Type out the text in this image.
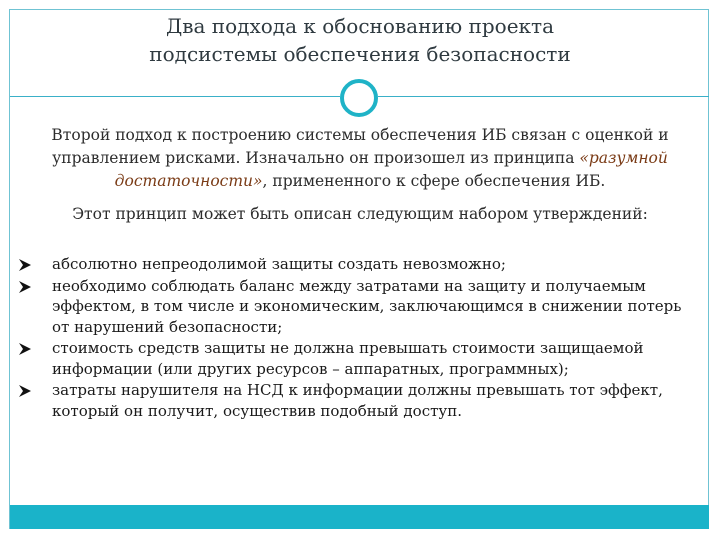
Два подхода к обоснованию проекта
подсистемы обеспечения безопасности
Второй подход к построению системы обеспечения ИБ связан с оценкой и управлением рисками. Изначально он произошел из принципа «разумной достаточности», примененного к сфере обеспечения ИБ.
Этот принцип может быть описан следующим набором утверждений:
абсолютно непреодолимой защиты создать невозможно;
необходимо соблюдать баланс между затратами на защиту и получаемым эффектом, в том числе и экономическим, заключающимся в снижении потерь от нарушений безопасности;
стоимость средств защиты не должна превышать стоимости защищаемой информации (или других ресурсов – аппаратных, программных);
затраты нарушителя на НСД к информации должны превышать тот эффект, который он получит, осуществив подобный доступ.
